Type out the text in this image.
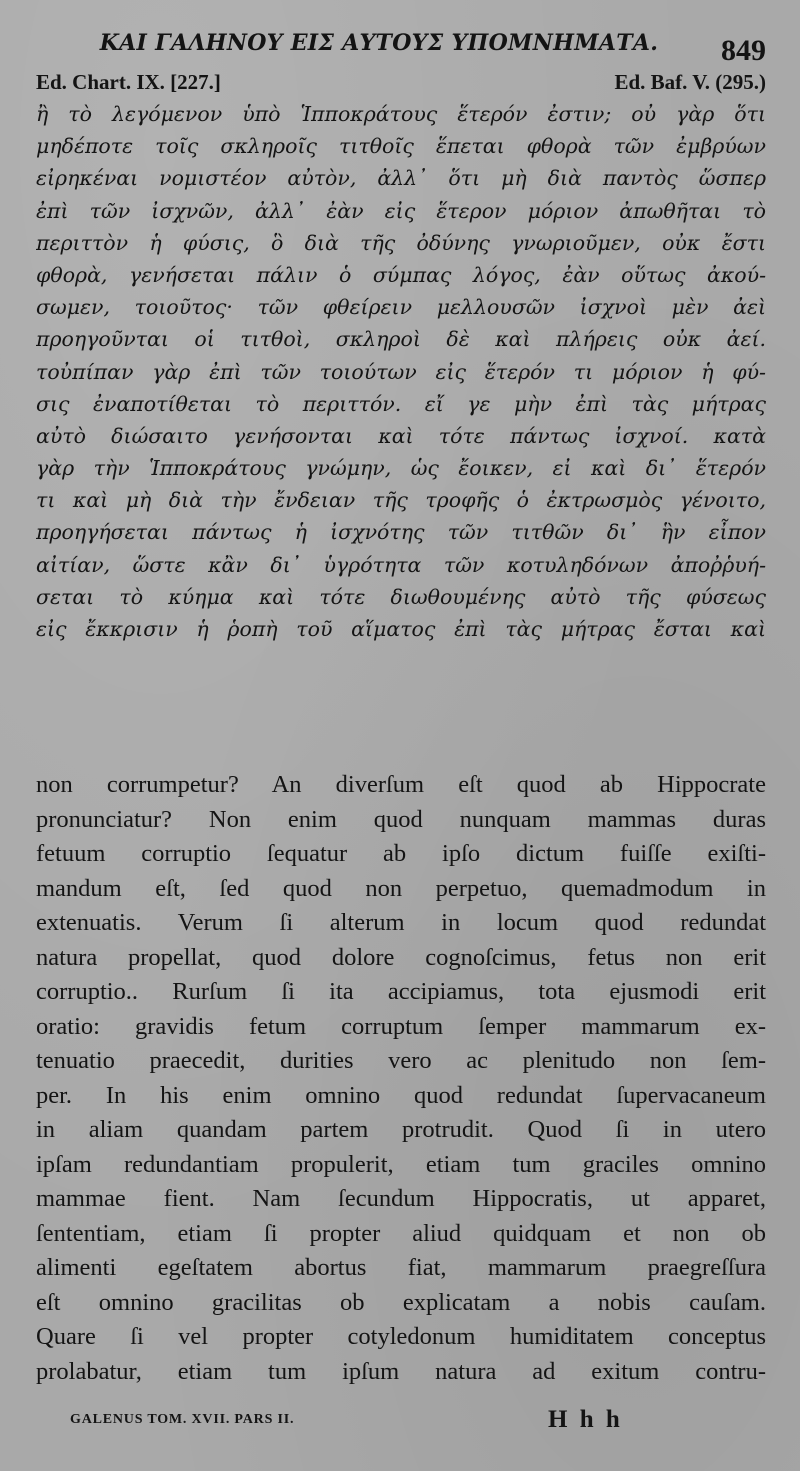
ΚΑΙ ΓΑΛΗΝΟΥ ΕΙΣ ΑΥΤΟΥΣ ΥΠΟΜΝΗΜΑΤΑ.	849
Ed. Chart. IX. [227.]	Ed. Baf. V. (295.)
ἢ τὸ λεγόμενον ὑπὸ Ἱπποκράτους ἕτερόν ἐστιν; οὐ γὰρ ὅτι
μηδέποτε τοῖς σκληροῖς τιτθοῖς ἕπεται φθορὰ τῶν ἐμβρύων
εἰρηκέναι νομιστέον αὐτὸν, ἀλλ᾽ ὅτι μὴ διὰ παντὸς ὥσπερ
ἐπὶ τῶν ἰσχνῶν, ἀλλ᾽ ἐὰν εἰς ἕτερον μόριον ἀπωθῆται τὸ
περιττὸν ἡ φύσις, ὃ διὰ τῆς ὀδύνης γνωριοῦμεν, οὐκ ἔστι
φθορὰ, γενήσεται πάλιν ὁ σύμπας λόγος, ἐὰν οὕτως ἀκού-
σωμεν, τοιοῦτος· τῶν φθείρειν μελλουσῶν ἰσχνοὶ μὲν ἀεὶ
προηγοῦνται οἱ τιτθοὶ, σκληροὶ δὲ καὶ πλήρεις οὐκ ἀεί.
τοὐπίπαν γὰρ ἐπὶ τῶν τοιούτων εἰς ἕτερόν τι μόριον ἡ φύ-
σις ἐναποτίθεται τὸ περιττόν. εἴ γε μὴν ἐπὶ τὰς μήτρας
αὐτὸ διώσαιτο γενήσονται καὶ τότε πάντως ἰσχνοί. κατὰ
γὰρ τὴν Ἱπποκράτους γνώμην, ὡς ἔοικεν, εἰ καὶ δι᾽ ἕτερόν
τι καὶ μὴ διὰ τὴν ἔνδειαν τῆς τροφῆς ὁ ἐκτρωσμὸς γένοιτο,
προηγήσεται πάντως ἡ ἰσχνότης τῶν τιτθῶν δι᾽ ἣν εἶπον
αἰτίαν, ὥστε κἂν δι᾽ ὑγρότητα τῶν κοτυληδόνων ἀποῤῥυή-
σεται τὸ κύημα καὶ τότε διωθουμένης αὐτὸ τῆς φύσεως
εἰς ἔκκρισιν ἡ ῥοπὴ τοῦ αἵματος ἐπὶ τὰς μήτρας ἔσται καὶ
non corrumpetur? An diverſum eſt quod ab Hippocrate
pronunciatur? Non enim quod nunquam mammas duras
fetuum corruptio ſequatur ab ipſo dictum fuiſſe exiſti-
mandum eſt, ſed quod non perpetuo, quemadmodum in
extenuatis. Verum ſi alterum in locum quod redundat
natura propellat, quod dolore cognoſcimus, fetus non erit
corruptio.. Rurſum ſi ita accipiamus, tota ejusmodi erit
oratio: gravidis fetum corruptum ſemper mammarum ex-
tenuatio praecedit, durities vero ac plenitudo non ſem-
per. In his enim omnino quod redundat ſupervacaneum
in aliam quandam partem protrudit. Quod ſi in utero
ipſam redundantiam propulerit, etiam tum graciles omnino
mammae fient. Nam ſecundum Hippocratis, ut apparet,
ſententiam, etiam ſi propter aliud quidquam et non ob
alimenti egeſtatem abortus fiat, mammarum praegreſſura
eſt omnino gracilitas ob explicatam a nobis cauſam.
Quare ſi vel propter cotyledonum humiditatem conceptus
prolabatur, etiam tum ipſum natura ad exitum contru-
GALENUS TOM. XVII. PARS II.	H h h
